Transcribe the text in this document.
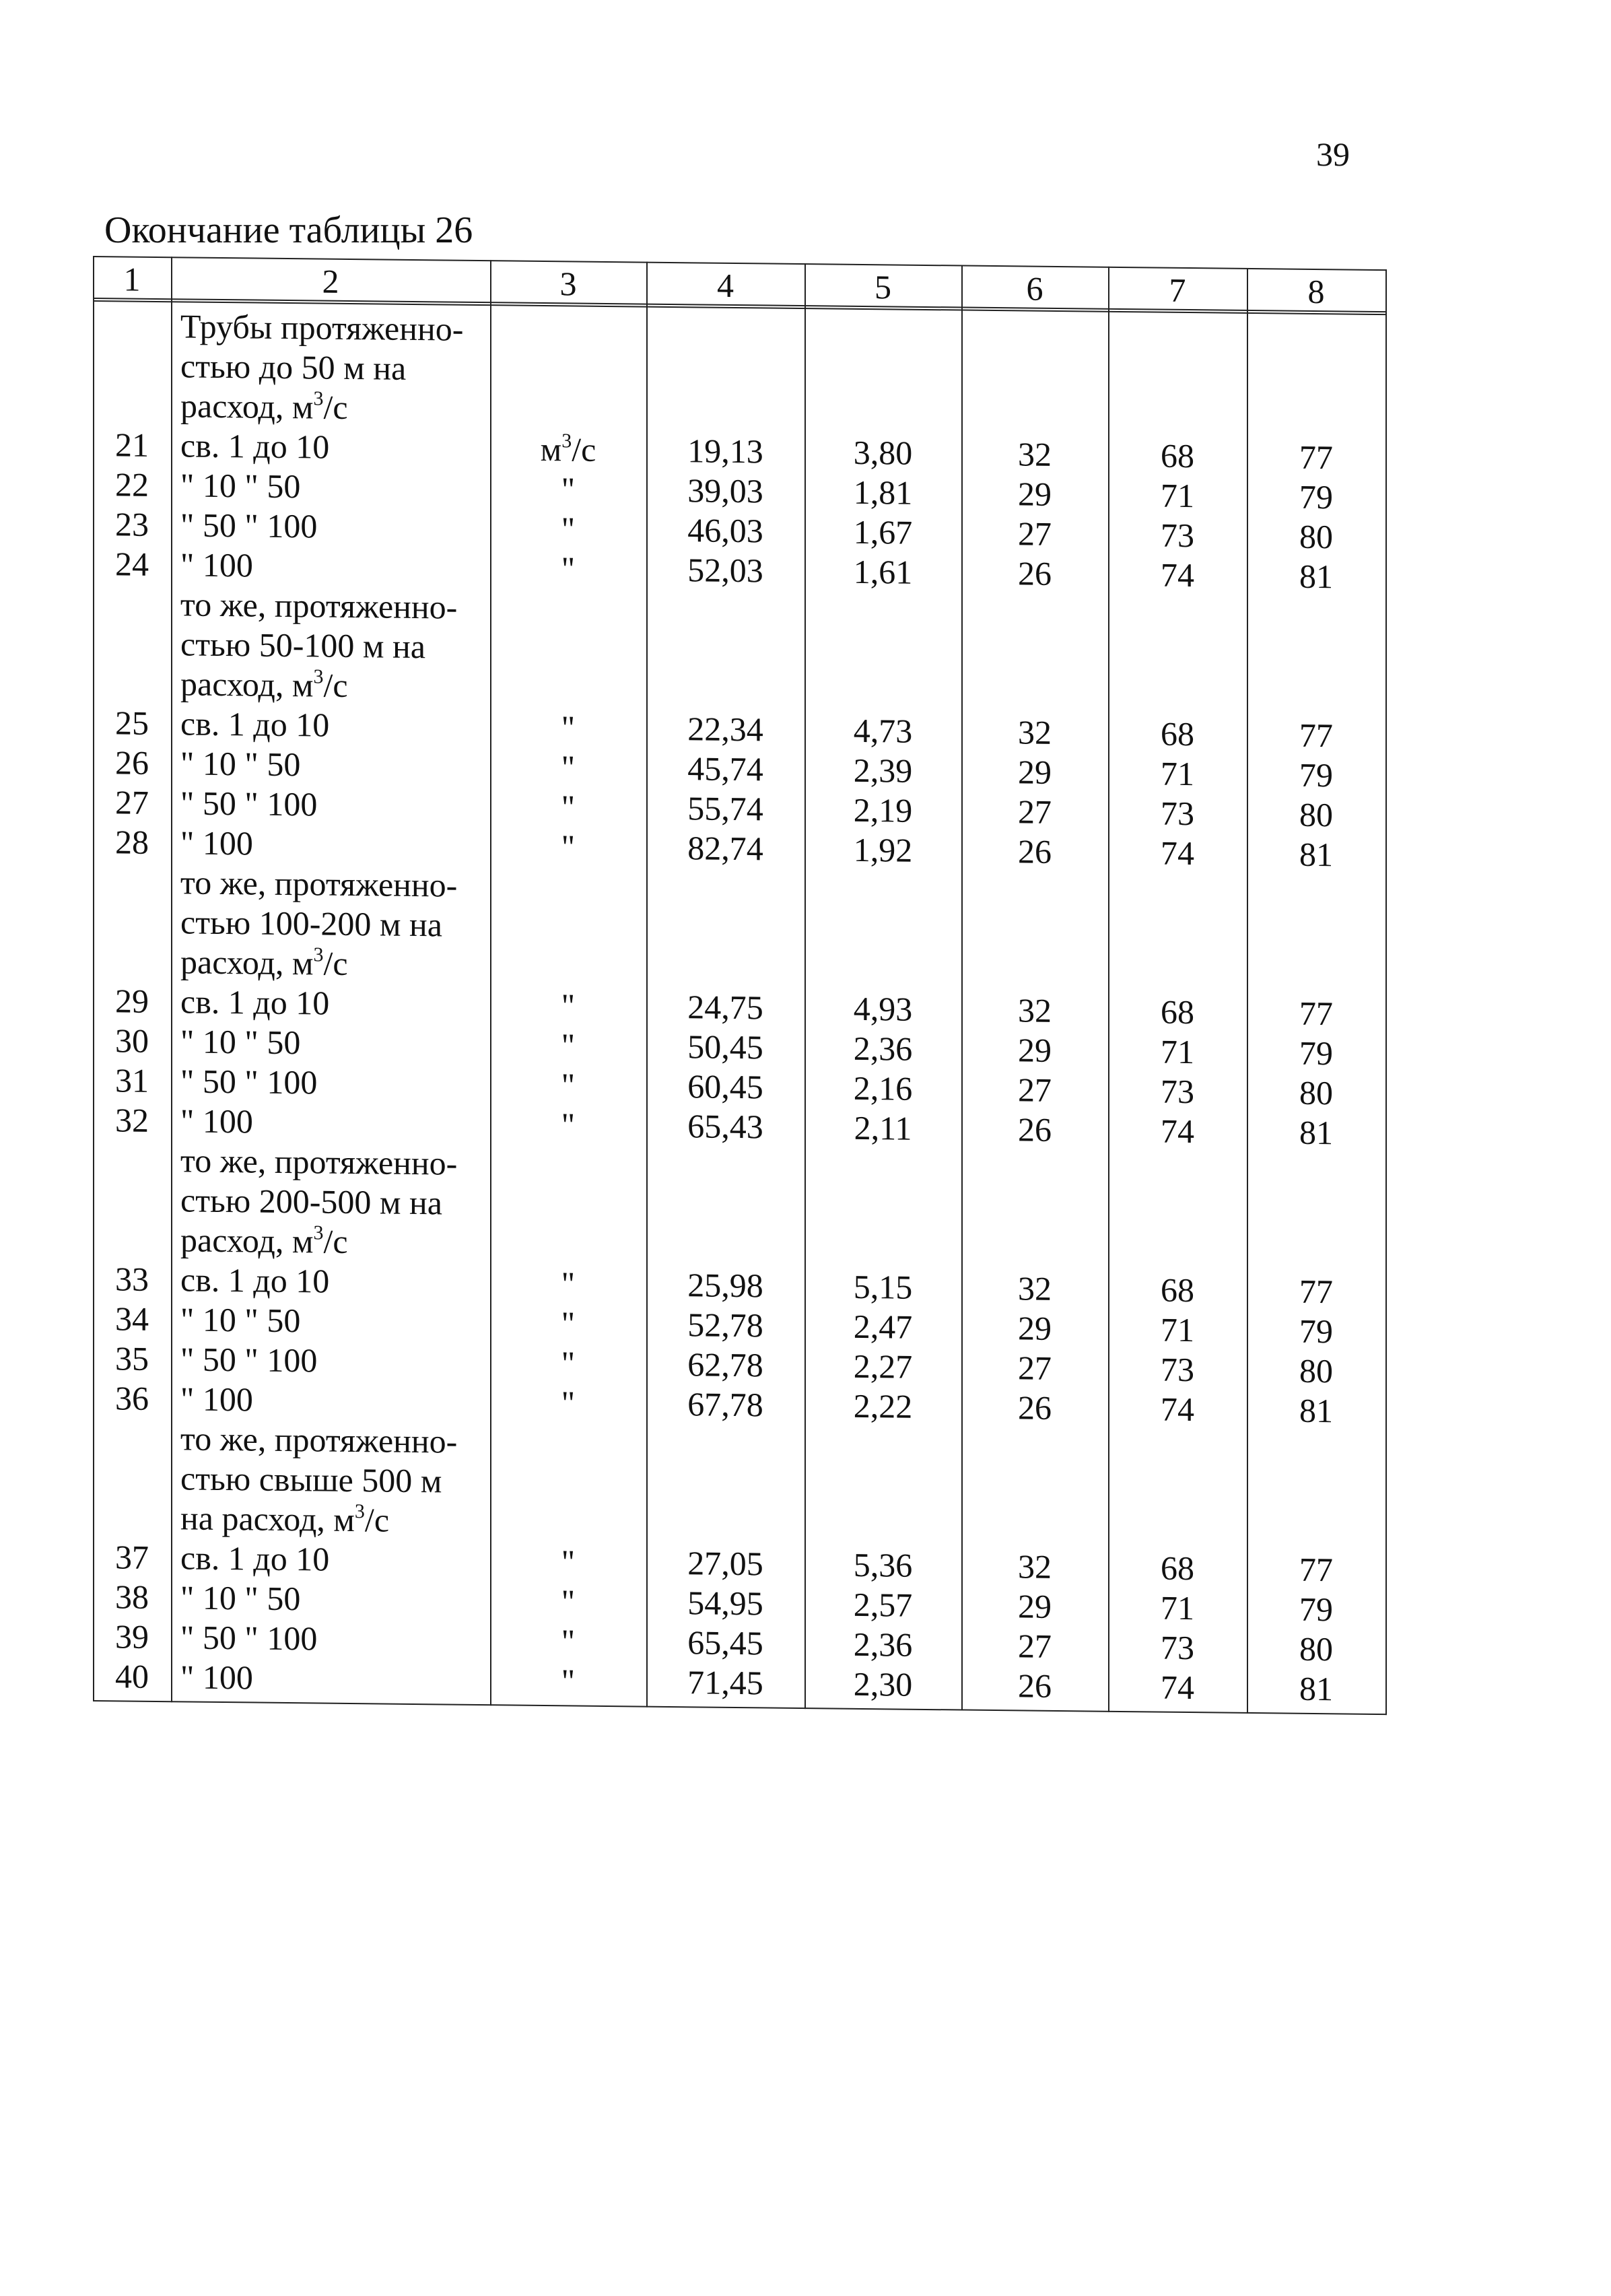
39
Окончание таблицы 26
1	2	3	4	5	6	7	8
Трубы протяженно-
стью до 50 м на
расход, $м^3/с$
21 св. 1 до 10	$м^3/с$	19,13	3,80	32	68	77
22 " 10 " 50	"	39,03	1,81	29	71	79
23 " 50 " 100	"	46,03	1,67	27	73	80
24 " 100	"	52,03	1,61	26	74	81
то же, протяженно-
стью 50-100 м на
расход, $м^3/с$
25 св. 1 до 10	"	22,34	4,73	32	68	77
26 " 10 " 50	"	45,74	2,39	29	71	79
27 " 50 " 100	"	55,74	2,19	27	73	80
28 " 100	"	82,74	1,92	26	74	81
то же, протяженно-
стью 100-200 м на
расход, $м^3/с$
29 св. 1 до 10	"	24,75	4,93	32	68	77
30 " 10 " 50	"	50,45	2,36	29	71	79
31 " 50 " 100	"	60,45	2,16	27	73	80
32 " 100	"	65,43	2,11	26	74	81
то же, протяженно-
стью 200-500 м на
расход, $м^3/с$
33 св. 1 до 10	"	25,98	5,15	32	68	77
34 " 10 " 50	"	52,78	2,47	29	71	79
35 " 50 " 100	"	62,78	2,27	27	73	80
36 " 100	"	67,78	2,22	26	74	81
то же, протяженно-
стью свыше 500 м
на расход, $м^3/с$
37 св. 1 до 10	"	27,05	5,36	32	68	77
38 " 10 " 50	"	54,95	2,57	29	71	79
39 " 50 " 100	"	65,45	2,36	27	73	80
40 " 100	"	71,45	2,30	26	74	81
